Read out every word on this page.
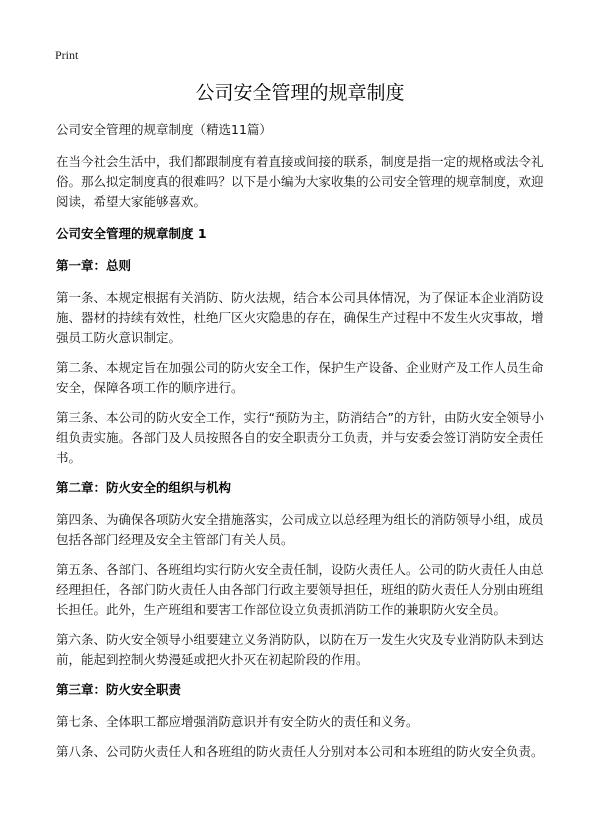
Print
公司安全管理的规章制度

公司安全管理的规章制度（精选11篇）

在当今社会生活中，我们都跟制度有着直接或间接的联系，制度是指一定的规格或法令礼俗。那么拟定制度真的很难吗？以下是小编为大家收集的公司安全管理的规章制度，欢迎阅读，希望大家能够喜欢。

公司安全管理的规章制度 1

第一章：总则

第一条、本规定根据有关消防、防火法规，结合本公司具体情况，为了保证本企业消防设施、器材的持续有效性，杜绝厂区火灾隐患的存在，确保生产过程中不发生火灾事故，增强员工防火意识制定。

第二条、本规定旨在加强公司的防火安全工作，保护生产设备、企业财产及工作人员生命安全，保障各项工作的顺序进行。

第三条、本公司的防火安全工作，实行“预防为主，防消结合”的方针，由防火安全领导小组负责实施。各部门及人员按照各自的安全职责分工负责，并与安委会签订消防安全责任书。

第二章：防火安全的组织与机构

第四条、为确保各项防火安全措施落实，公司成立以总经理为组长的消防领导小组，成员包括各部门经理及安全主管部门有关人员。

第五条、各部门、各班组均实行防火安全责任制，设防火责任人。公司的防火责任人由总经理担任，各部门防火责任人由各部门行政主要领导担任，班组的防火责任人分别由班组长担任。此外，生产班组和要害工作部位设立负责抓消防工作的兼职防火安全员。

第六条、防火安全领导小组要建立义务消防队，以防在万一发生火灾及专业消防队未到达前，能起到控制火势漫延或把火扑灭在初起阶段的作用。

第三章：防火安全职责

第七条、全体职工都应增强消防意识并有安全防火的责任和义务。

第八条、公司防火责任人和各班组的防火责任人分别对本公司和本班组的防火安全负责。
